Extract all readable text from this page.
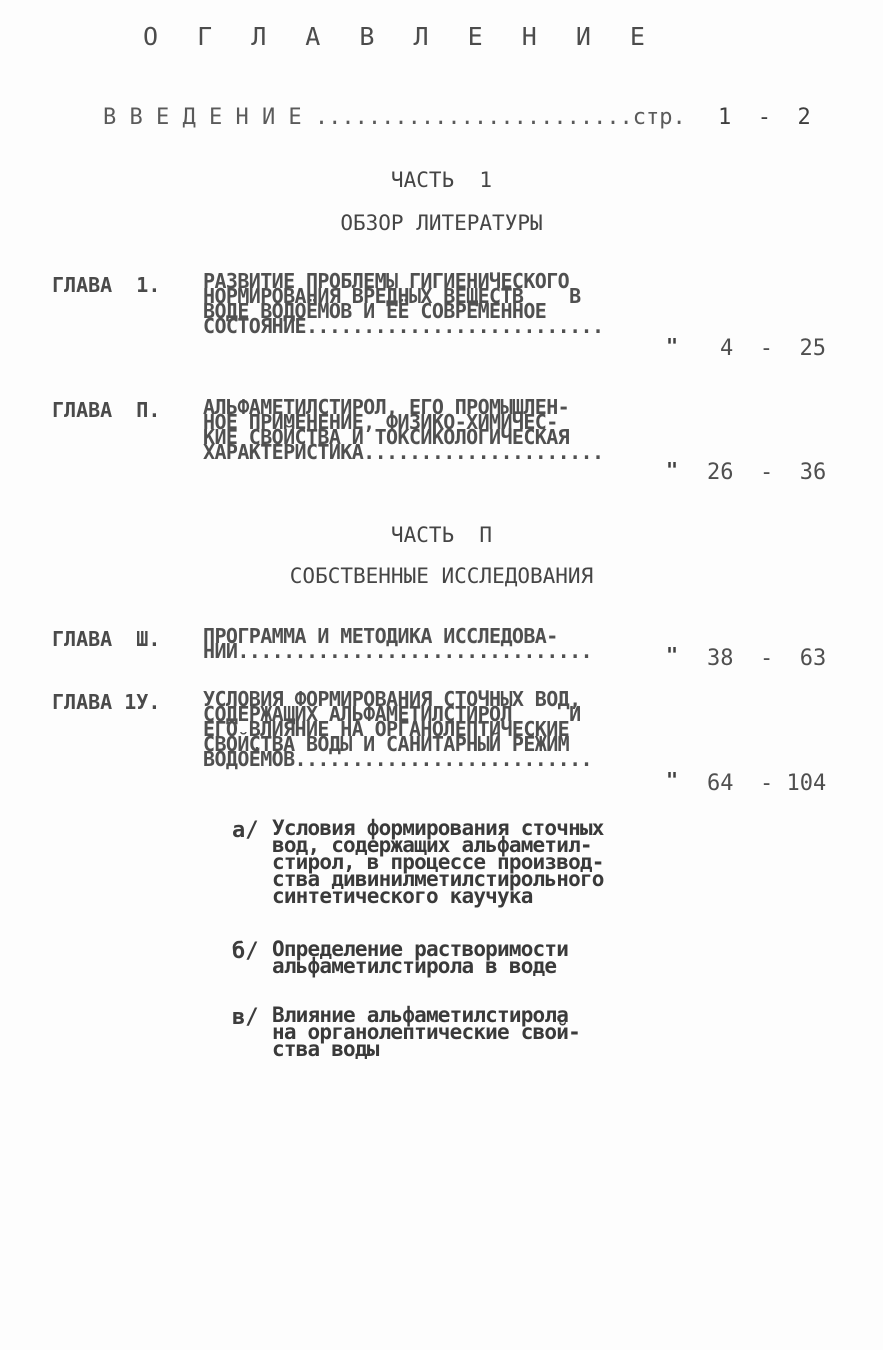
О Г Л А В Л Е Н И Е
В В Е Д Е Н И Е ........................стр. 1  -  2
ЧАСТЬ  1
ОБЗОР ЛИТЕРАТУРЫ
ГЛАВА  1. РАЗВИТИЕ ПРОБЛЕМЫ ГИГИЕНИЧЕСКОГО
НОРМИРОВАНИЯ ВРЕДНЫХ ВЕЩЕСТВ    В
ВОДЕ ВОДОЁМОВ И ЕЁ СОВРЕМЕННОЕ
СОСТОЯНИЕ..........................
" 4  -  25
ГЛАВА  П. АЛЬФАМЕТИЛСТИРОЛ, ЕГО ПРОМЫШЛЕН-
НОЕ ПРИМЕНЕНИЕ, ФИЗИКО-ХИМИЧЕС-
КИЕ СВОЙСТВА И ТОКСИКОЛОГИЧЕСКАЯ
ХАРАКТЕРИСТИКА.....................
" 26  -  36
ЧАСТЬ  П
СОБСТВЕННЫЕ ИССЛЕДОВАНИЯ
ГЛАВА  Ш. ПРОГРАММА И МЕТОДИКА ИССЛЕДОВА-
НИЙ...............................	" 38  -  63
ГЛАВА 1У. УСЛОВИЯ ФОРМИРОВАНИЯ СТОЧНЫХ ВОД,
СОДЕРЖАЩИХ АЛЬФАМЕТИЛСТИРОЛ     И
ЕГО ВЛИЯНИЕ НА ОРГАНОЛЕПТИЧЕСКИЕ
СВОЙСТВА ВОДЫ И САНИТАРНЫЙ РЕЖИМ
ВОДОЁМОВ..........................
" 64  - 104
а/ Условия формирования сточных
вод, содержащих альфаметил-
стирол, в процессе производ-
ства дивинилметилстирольного
синтетического каучука
б/ Определение растворимости
альфаметилстирола в воде
в/ Влияние альфаметилстирола
на органолептические свой-
ства воды
